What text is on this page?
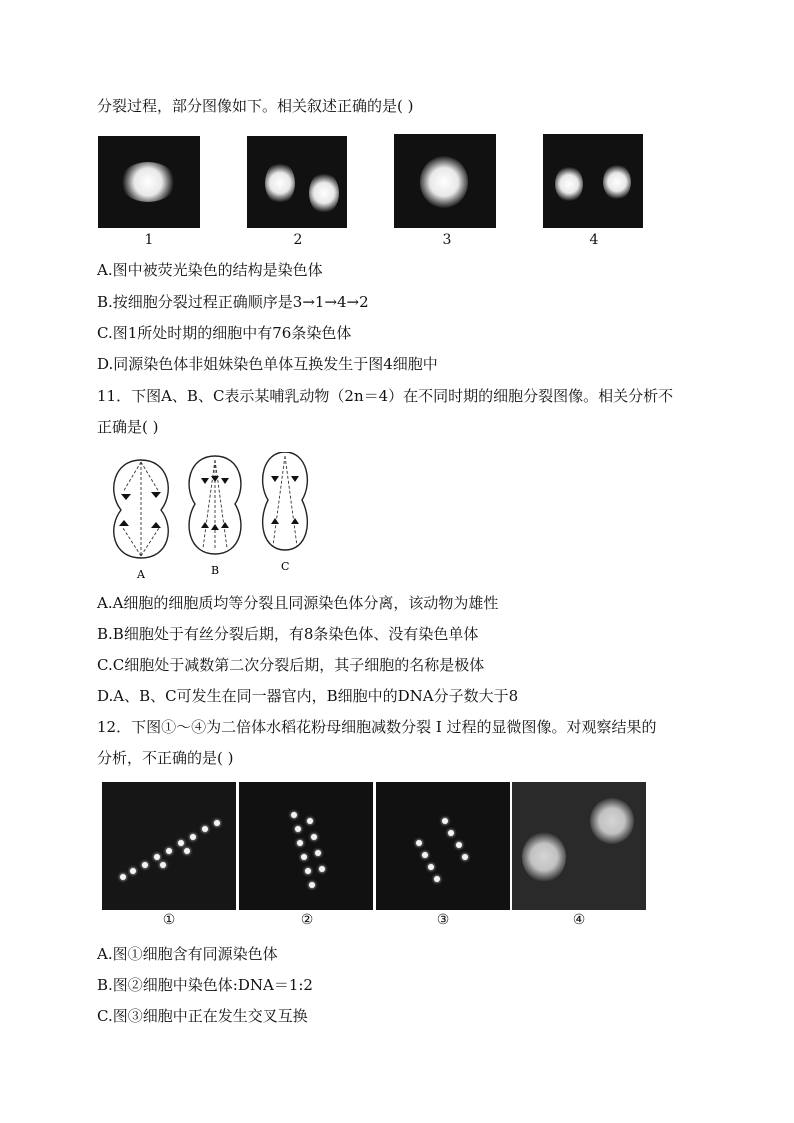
分裂过程，部分图像如下。相关叙述正确的是( )
1	2	3	4
A.图中被荧光染色的结构是染色体
B.按细胞分裂过程正确顺序是3→1→4→2
C.图1所处时期的细胞中有76条染色体
D.同源染色体非姐妹染色单体互换发生于图4细胞中
11．下图A、B、C表示某哺乳动物（2n＝4）在不同时期的细胞分裂图像。相关分析不
正确是( )
A	B	C
A.A细胞的细胞质均等分裂且同源染色体分离，该动物为雄性
B.B细胞处于有丝分裂后期，有8条染色体、没有染色单体
C.C细胞处于减数第二次分裂后期，其子细胞的名称是极体
D.A、B、C可发生在同一器官内，B细胞中的DNA分子数大于8
12．下图①～④为二倍体水稻花粉母细胞减数分裂 I 过程的显微图像。对观察结果的
分析，不正确的是( )
①	②	③	④
A.图①细胞含有同源染色体
B.图②细胞中染色体:DNA＝1:2
C.图③细胞中正在发生交叉互换
